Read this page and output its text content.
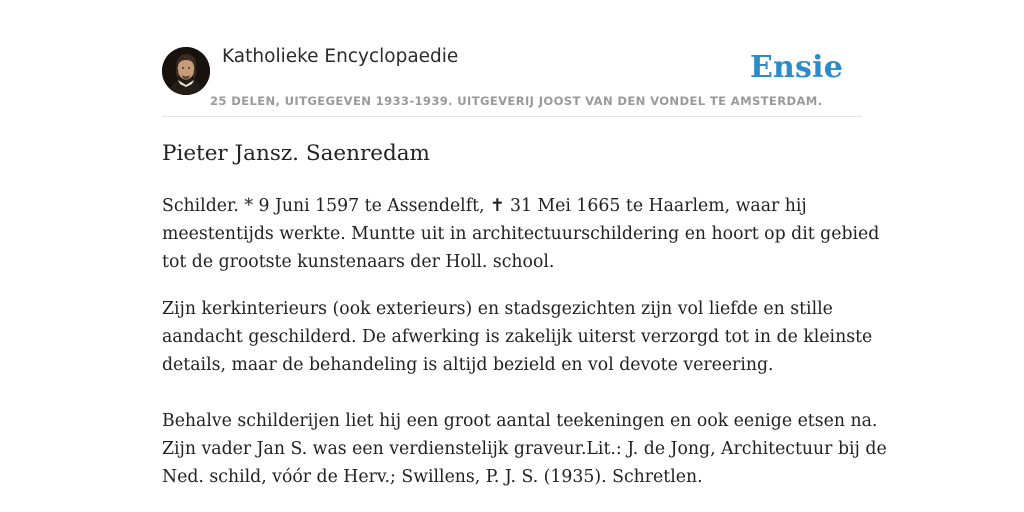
Katholieke Encyclopaedie	Ensie
25 DELEN, UITGEGEVEN 1933-1939. UITGEVERIJ JOOST VAN DEN VONDEL TE AMSTERDAM.
Pieter Jansz. Saenredam

Schilder. * 9 Juni 1597 te Assendelft, ✝ 31 Mei 1665 te Haarlem, waar hij
meestentijds werkte. Muntte uit in architectuurschildering en hoort op dit gebied
tot de grootste kunstenaars der Holl. school.

Zijn kerkinterieurs (ook exterieurs) en stadsgezichten zijn vol liefde en stille
aandacht geschilderd. De afwerking is zakelijk uiterst verzorgd tot in de kleinste
details, maar de behandeling is altijd bezield en vol devote vereering.

Behalve schilderijen liet hij een groot aantal teekeningen en ook eenige etsen na.
Zijn vader Jan S. was een verdienstelijk graveur.Lit.: J. de Jong, Architectuur bij de
Ned. schild, vóór de Herv.; Swillens, P. J. S. (1935). Schretlen.
